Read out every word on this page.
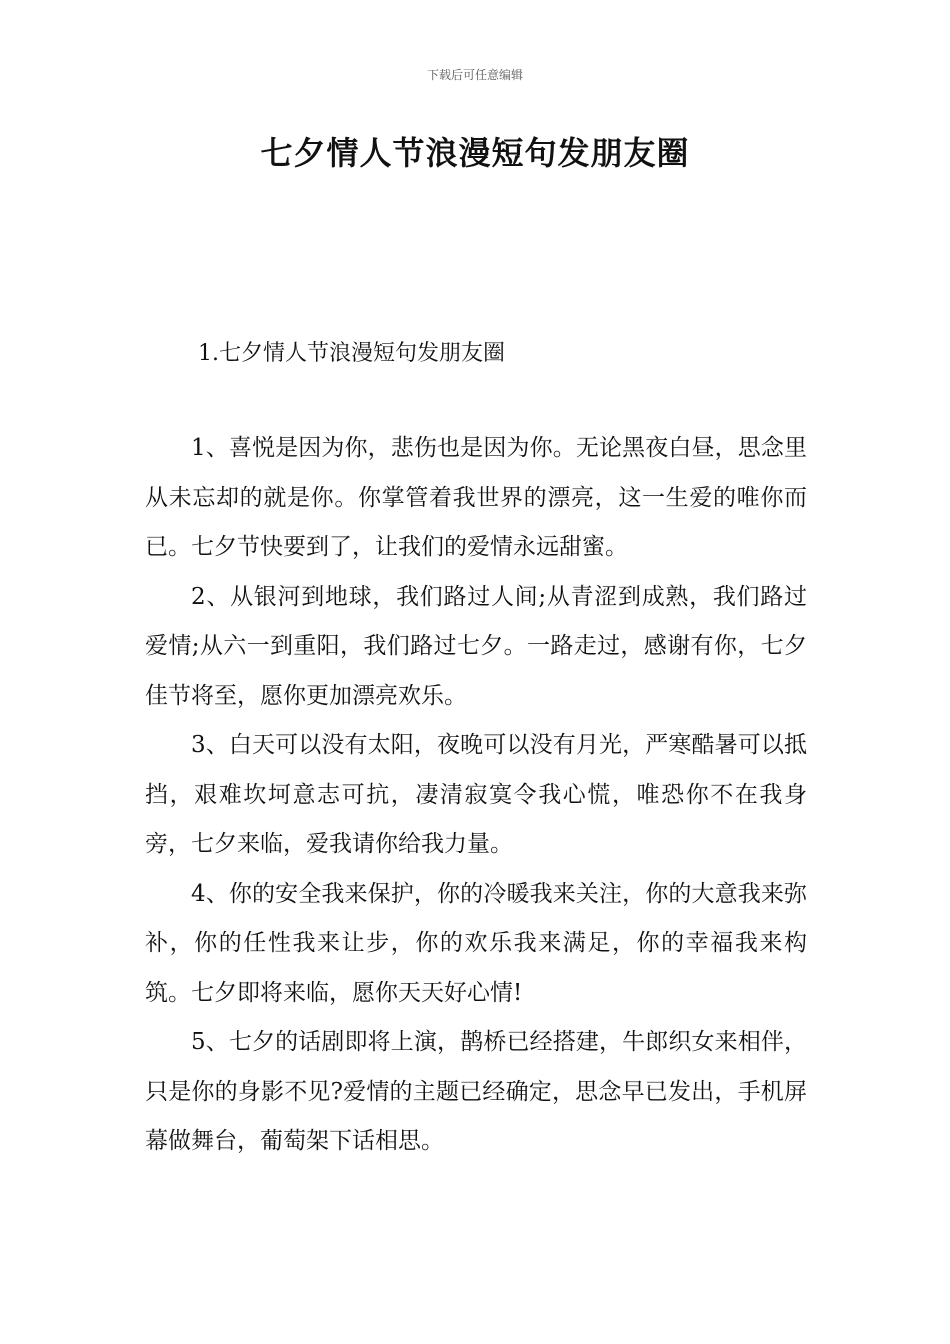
下载后可任意编辑
七夕情人节浪漫短句发朋友圈
1.七夕情人节浪漫短句发朋友圈

1、喜悦是因为你，悲伤也是因为你。无论黑夜白昼，思念里从未忘却的就是你。你掌管着我世界的漂亮，这一生爱的唯你而已。七夕节快要到了，让我们的爱情永远甜蜜。

2、从银河到地球，我们路过人间;从青涩到成熟，我们路过爱情;从六一到重阳，我们路过七夕。一路走过，感谢有你，七夕佳节将至，愿你更加漂亮欢乐。

3、白天可以没有太阳，夜晚可以没有月光，严寒酷暑可以抵挡，艰难坎坷意志可抗，凄清寂寞令我心慌，唯恐你不在我身旁，七夕来临，爱我请你给我力量。

4、你的安全我来保护，你的冷暖我来关注，你的大意我来弥补，你的任性我来让步，你的欢乐我来满足，你的幸福我来构筑。七夕即将来临，愿你天天好心情!

5、七夕的话剧即将上演，鹊桥已经搭建，牛郎织女来相伴，只是你的身影不见?爱情的主题已经确定，思念早已发出，手机屏幕做舞台，葡萄架下话相思。
